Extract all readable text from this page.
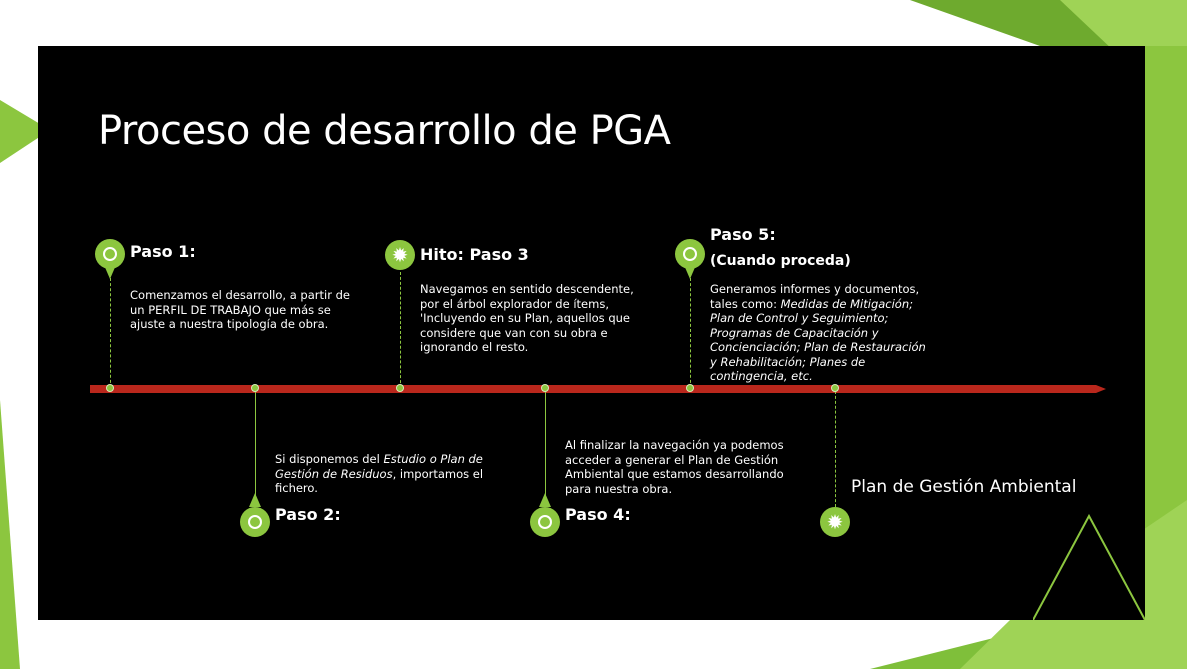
Proceso de desarrollo de PGA
Paso 1:
Comenzamos el desarrollo, a partir de
un PERFIL DE TRABAJO que más se
ajuste a nuestra tipología de obra.
Si disponemos del Estudio o Plan de
Gestión de Residuos, importamos el
fichero.
Paso 2:
✹ Hito: Paso 3
Navegamos en sentido descendente,
por el árbol explorador de ítems,
'Incluyendo en su Plan, aquellos que
considere que van con su obra e
ignorando el resto.
Al finalizar la navegación ya podemos
acceder a generar el Plan de Gestión
Ambiental que estamos desarrollando
para nuestra obra.
Paso 4:
Paso 5:
(Cuando proceda)
Generamos informes y documentos,
tales como: Medidas de Mitigación;
Plan de Control y Seguimiento;
Programas de Capacitación y
Concienciación; Plan de Restauración
y Rehabilitación; Planes de
contingencia, etc.
Plan de Gestión Ambiental
✹
